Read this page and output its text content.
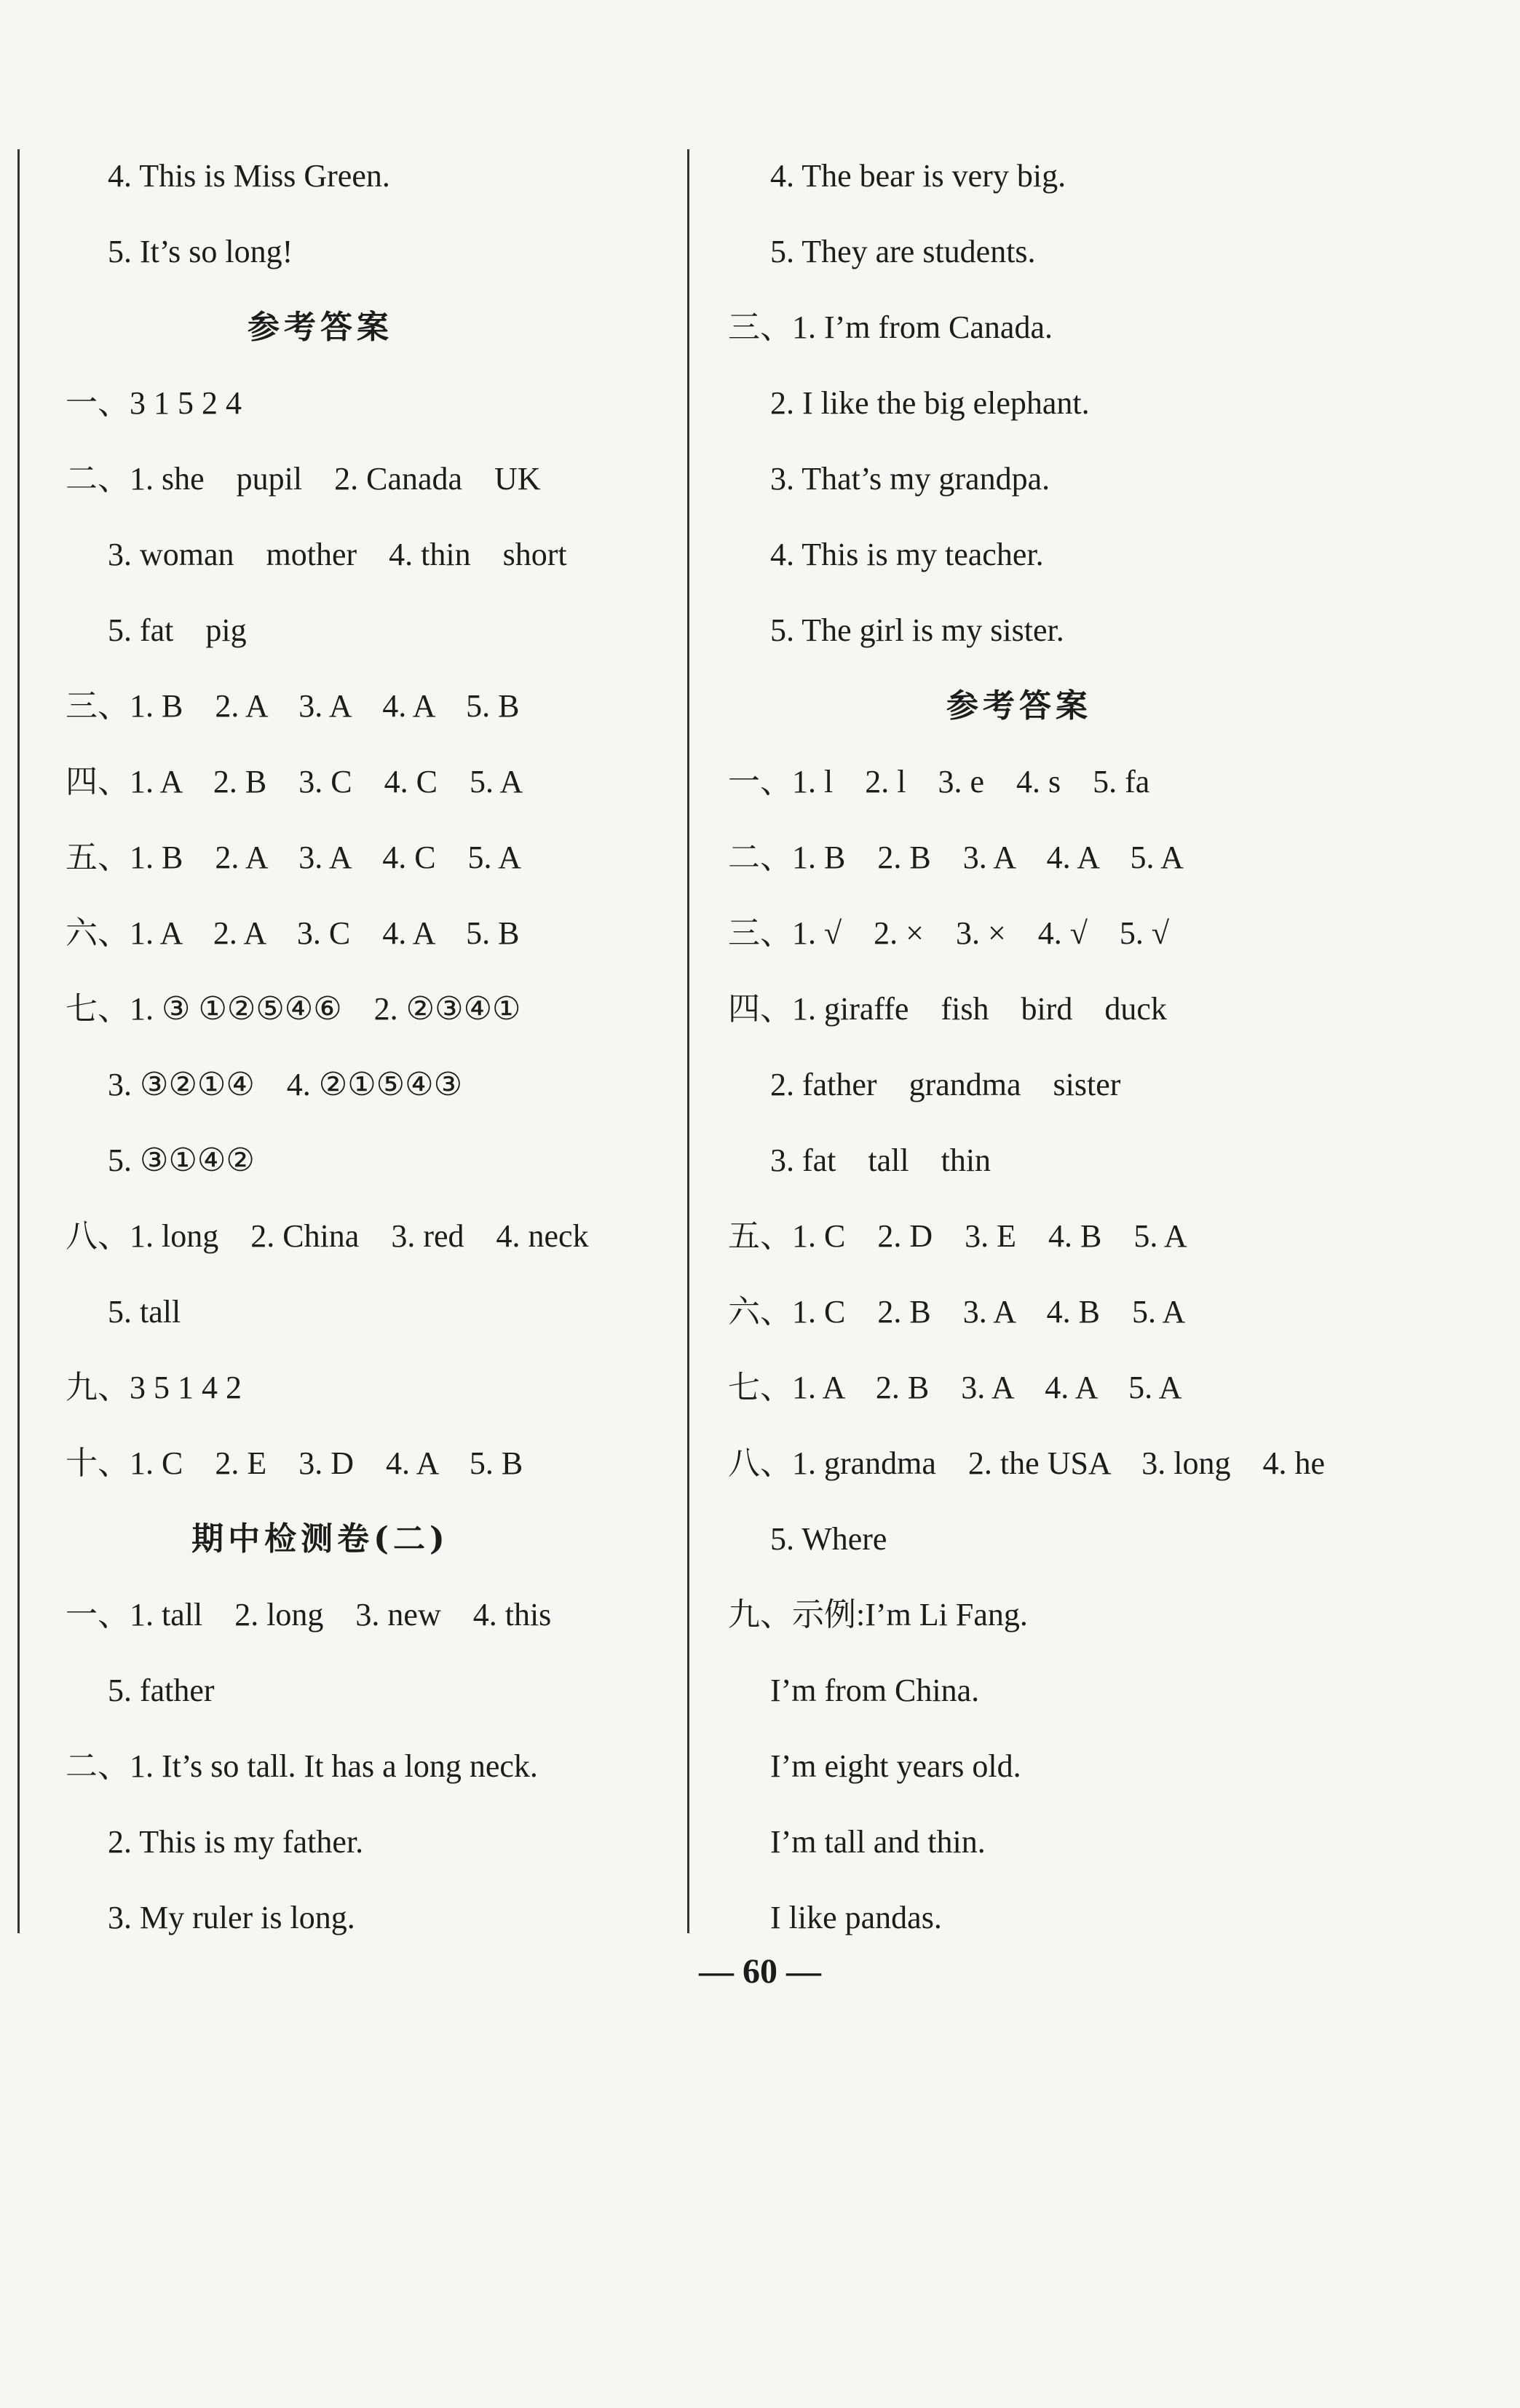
4. This is Miss Green.
5. It’s so long!
参考答案
一、3 1 5 2 4
二、1. she    pupil    2. Canada    UK
3. woman    mother    4. thin    short
5. fat    pig
三、1. B    2. A    3. A    4. A    5. B
四、1. A    2. B    3. C    4. C    5. A
五、1. B    2. A    3. A    4. C    5. A
六、1. A    2. A    3. C    4. A    5. B
七、1. ③ ①②⑤④⑥    2. ②③④①
3. ③②①④    4. ②①⑤④③
5. ③①④②
八、1. long    2. China    3. red    4. neck
5. tall
九、3 5 1 4 2
十、1. C    2. E    3. D    4. A    5. B
期中检测卷(二)
一、1. tall    2. long    3. new    4. this
5. father
二、1. It’s so tall. It has a long neck.
2. This is my father.
3. My ruler is long.
4. The bear is very big.
5. They are students.
三、1. I’m from Canada.
2. I like the big elephant.
3. That’s my grandpa.
4. This is my teacher.
5. The girl is my sister.
参考答案
一、1. l    2. l    3. e    4. s    5. fa
二、1. B    2. B    3. A    4. A    5. A
三、1. √    2. ×    3. ×    4. √    5. √
四、1. giraffe    fish    bird    duck
2. father    grandma    sister
3. fat    tall    thin
五、1. C    2. D    3. E    4. B    5. A
六、1. C    2. B    3. A    4. B    5. A
七、1. A    2. B    3. A    4. A    5. A
八、1. grandma    2. the USA    3. long    4. he
5. Where
九、示例:I’m Li Fang.
I’m from China.
I’m eight years old.
I’m tall and thin.
I like pandas.
— 60 —
